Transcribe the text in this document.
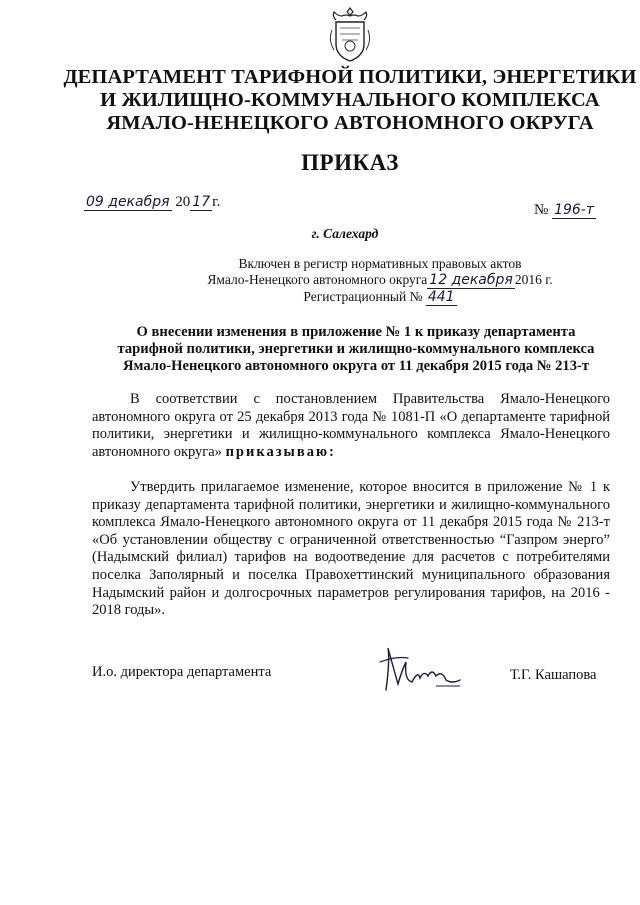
ДЕПАРТАМЕНТ ТАРИФНОЙ ПОЛИТИКИ, ЭНЕРГЕТИКИ
И ЖИЛИЩНО-КОММУНАЛЬНОГО КОМПЛЕКСА
ЯМАЛО-НЕНЕЦКОГО АВТОНОМНОГО ОКРУГА
ПРИКАЗ
09 декабря 20 17 г.	№ 196-т
г. Салехард
Включен в регистр нормативных правовых актов
Ямало-Ненецкого автономного округа 12 декабря 2016 г.
Регистрационный № 441
О внесении изменения в приложение № 1 к приказу департамента
тарифной политики, энергетики и жилищно-коммунального комплекса
Ямало-Ненецкого автономного округа от 11 декабря 2015 года № 213-т
В соответствии с постановлением Правительства Ямало-Ненецкого автономного округа от 25 декабря 2013 года № 1081-П «О департаменте тарифной политики, энергетики и жилищно-коммунального комплекса Ямало-Ненецкого автономного округа» приказываю:
Утвердить прилагаемое изменение, которое вносится в приложение № 1 к приказу департамента тарифной политики, энергетики и жилищно-коммунального комплекса Ямало-Ненецкого автономного округа от 11 декабря 2015 года № 213-т «Об установлении обществу с ограниченной ответственностью “Газпром энерго” (Надымский филиал) тарифов на водоотведение для расчетов с потребителями поселка Заполярный и поселка Правохеттинский муниципального образования Надымский район и долгосрочных параметров регулирования тарифов, на 2016 - 2018 годы».
И.о. директора департамента	Т.Г. Кашапова
